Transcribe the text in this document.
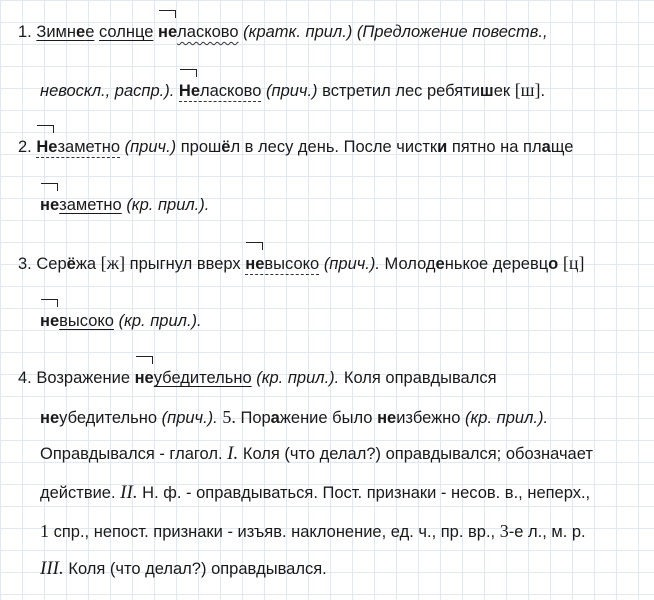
1. Зимнее солнце неласково (кратк. прил.) (Предложение повеств.,
невоскл., распр.). Неласково (прич.) встретил лес ребятишек [ш].
2. Незаметно (прич.) прошёл в лесу день. После чистки пятно на плаще
незаметно (кр. прил.).
3. Серёжа [ж] прыгнул вверх невысоко (прич.). Молоденькое деревцо [ц]
невысоко (кр. прил.).
4. Возражение неубедительно (кр. прил.). Коля оправдывался
неубедительно (прич.). 5. Поражение было неизбежно (кр. прил.).
Оправдывался - глагол. I. Коля (что делал?) оправдывался; обозначает
действие. II. Н. ф. - оправдываться. Пост. признаки - несов. в., неперх.,
1 спр., непост. признаки - изъяв. наклонение, ед. ч., пр. вр., 3-е л., м. р.
III. Коля (что делал?) оправдывался.
